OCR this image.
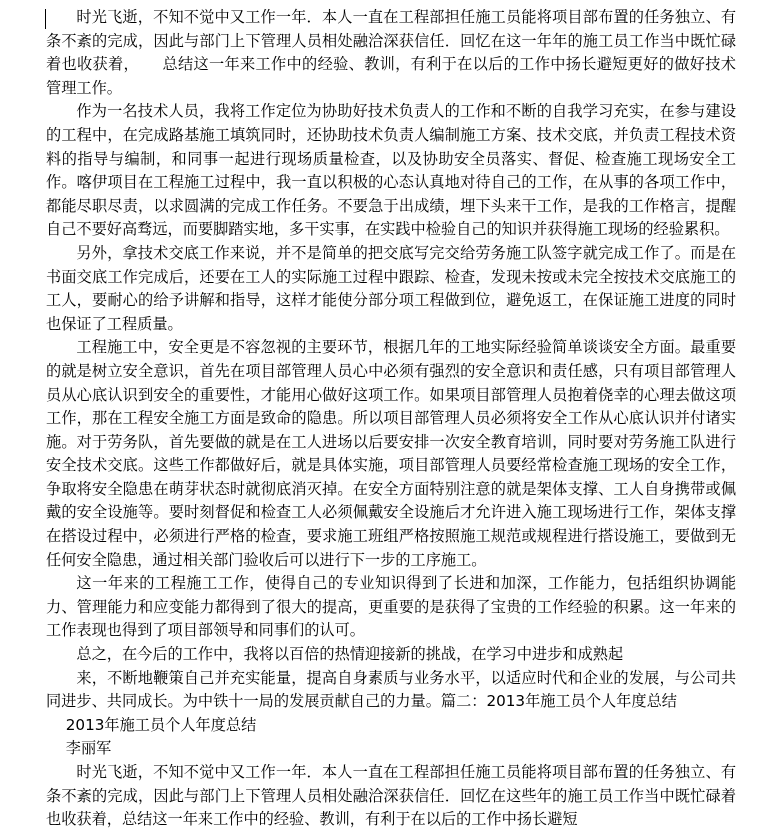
时光飞逝，不知不觉中又工作一年．本人一直在工程部担任施工员能将项目部布置的任务独立、有条不紊的完成，因此与部门上下管理人员相处融洽深获信任．回忆在这一年年的施工员工作当中既忙碌着也收获着，　　总结这一年来工作中的经验、教训，有利于在以后的工作中扬长避短更好的做好技术管理工作。

作为一名技术人员，我将工作定位为协助好技术负责人的工作和不断的自我学习充实，在参与建设的工程中，在完成路基施工填筑同时，还协助技术负责人编制施工方案、技术交底，并负责工程技术资料的指导与编制，和同事一起进行现场质量检查，以及协助安全员落实、督促、检查施工现场安全工作。喀伊项目在工程施工过程中，我一直以积极的心态认真地对待自己的工作，在从事的各项工作中，都能尽职尽责，以求圆满的完成工作任务。不要急于出成绩，埋下头来干工作，是我的工作格言，提醒自己不要好高骛远，而要脚踏实地，多干实事，在实践中检验自己的知识并获得施工现场的经验累积。

另外，拿技术交底工作来说，并不是简单的把交底写完交给劳务施工队签字就完成工作了。而是在书面交底工作完成后，还要在工人的实际施工过程中跟踪、检查，发现未按或未完全按技术交底施工的工人，要耐心的给予讲解和指导，这样才能使分部分项工程做到位，避免返工，在保证施工进度的同时也保证了工程质量。

工程施工中，安全更是不容忽视的主要环节，根据几年的工地实际经验简单谈谈安全方面。最重要的就是树立安全意识，首先在项目部管理人员心中必须有强烈的安全意识和责任感，只有项目部管理人员从心底认识到安全的重要性，才能用心做好这项工作。如果项目部管理人员抱着侥幸的心理去做这项工作，那在工程安全施工方面是致命的隐患。所以项目部管理人员必须将安全工作从心底认识并付诸实施。对于劳务队，首先要做的就是在工人进场以后要安排一次安全教育培训，同时要对劳务施工队进行安全技术交底。这些工作都做好后，就是具体实施，项目部管理人员要经常检查施工现场的安全工作，争取将安全隐患在萌芽状态时就彻底消灭掉。在安全方面特别注意的就是架体支撑、工人自身携带或佩戴的安全设施等。要时刻督促和检查工人必须佩戴安全设施后才允许进入施工现场进行工作，架体支撑在搭设过程中，必须进行严格的检查，要求施工班组严格按照施工规范或规程进行搭设施工，要做到无任何安全隐患，通过相关部门验收后可以进行下一步的工序施工。

这一年来的工程施工工作，使得自己的专业知识得到了长进和加深，工作能力，包括组织协调能力、管理能力和应变能力都得到了很大的提高，更重要的是获得了宝贵的工作经验的积累。这一年来的工作表现也得到了项目部领导和同事们的认可。

总之，在今后的工作中，我将以百倍的热情迎接新的挑战，在学习中进步和成熟起

来，不断地鞭策自己并充实能量，提高自身素质与业务水平，以适应时代和企业的发展，与公司共同进步、共同成长。为中铁十一局的发展贡献自己的力量。篇二：2013年施工员个人年度总结

2013年施工员个人年度总结

李丽军

时光飞逝，不知不觉中又工作一年．本人一直在工程部担任施工员能将项目部布置的任务独立、有条不紊的完成，因此与部门上下管理人员相处融洽深获信任．回忆在这些年的施工员工作当中既忙碌着也收获着，总结这一年来工作中的经验、教训，有利于在以后的工作中扬长避短
